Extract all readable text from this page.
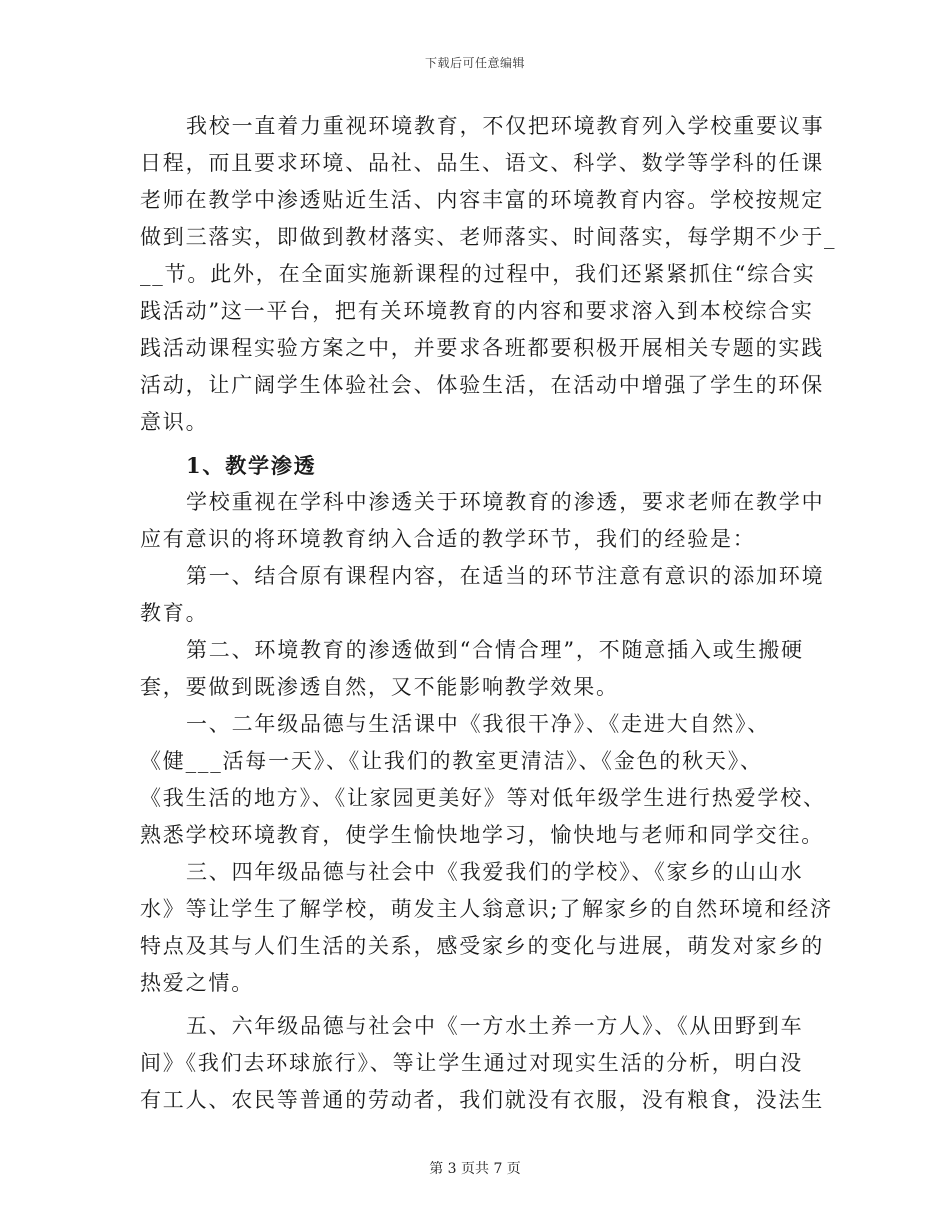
下载后可任意编辑
我校一直着力重视环境教育，不仅把环境教育列入学校重要议事
日程，而且要求环境、品社、品生、语文、科学、数学等学科的任课
老师在教学中渗透贴近生活、内容丰富的环境教育内容。学校按规定
做到三落实，即做到教材落实、老师落实、时间落实，每学期不少于_
__节。此外，在全面实施新课程的过程中，我们还紧紧抓住“综合实
践活动”这一平台，把有关环境教育的内容和要求溶入到本校综合实
践活动课程实验方案之中，并要求各班都要积极开展相关专题的实践
活动，让广阔学生体验社会、体验生活，在活动中增强了学生的环保
意识。
1、教学渗透
学校重视在学科中渗透关于环境教育的渗透，要求老师在教学中
应有意识的将环境教育纳入合适的教学环节，我们的经验是：
第一、结合原有课程内容，在适当的环节注意有意识的添加环境
教育。
第二、环境教育的渗透做到“合情合理”，不随意插入或生搬硬
套，要做到既渗透自然，又不能影响教学效果。
一、二年级品德与生活课中《我很干净》、《走进大自然》、
《健___活每一天》、《让我们的教室更清洁》、《金色的秋天》、
《我生活的地方》、《让家园更美好》等对低年级学生进行热爱学校、
熟悉学校环境教育，使学生愉快地学习，愉快地与老师和同学交往。
三、四年级品德与社会中《我爱我们的学校》、《家乡的山山水
水》等让学生了解学校，萌发主人翁意识;了解家乡的自然环境和经济
特点及其与人们生活的关系，感受家乡的变化与进展，萌发对家乡的
热爱之情。
五、六年级品德与社会中《一方水土养一方人》、《从田野到车
间》《我们去环球旅行》、等让学生通过对现实生活的分析，明白没
有工人、农民等普通的劳动者，我们就没有衣服，没有粮食，没法生
第 3 页共 7 页
